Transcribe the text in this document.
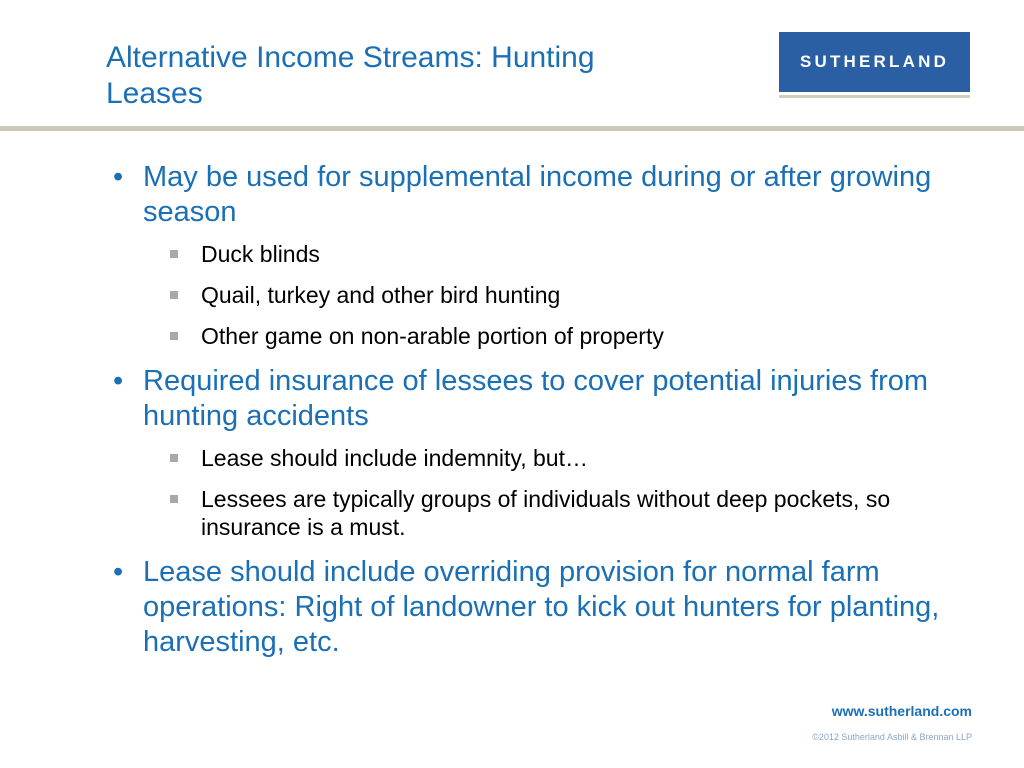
Alternative Income Streams: Hunting
Leases
SUTHERLAND
• May be used for supplemental income during or after growing season
Duck blinds
Quail, turkey and other bird hunting
Other game on non-arable portion of property
• Required insurance of lessees to cover potential injuries from hunting accidents
Lease should include indemnity, but…
Lessees are typically groups of individuals without deep pockets, so insurance is a must.
• Lease should include overriding provision for normal farm operations: Right of landowner to kick out hunters for planting, harvesting, etc.
www.sutherland.com
©2012 Sutherland Asbill & Brennan LLP
